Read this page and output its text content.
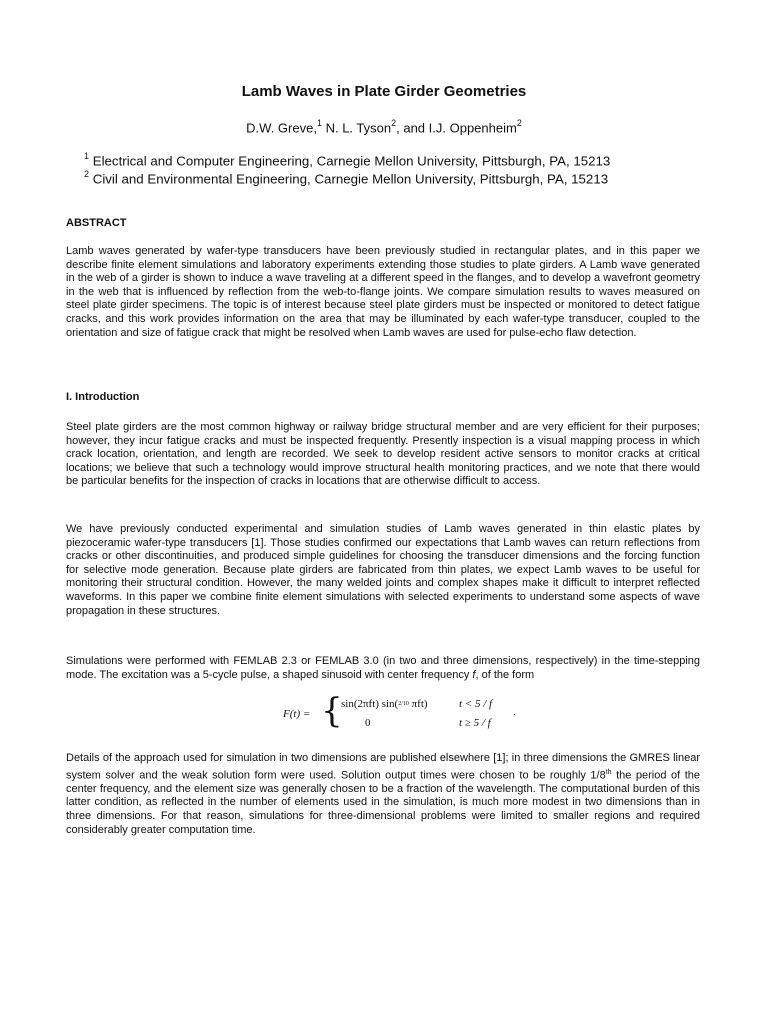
Lamb Waves in Plate Girder Geometries
D.W. Greve,$^1$ N. L. Tyson$^2$, and I.J. Oppenheim$^2$
$^1$ Electrical and Computer Engineering, Carnegie Mellon University, Pittsburgh, PA, 15213
$^2$ Civil and Environmental Engineering, Carnegie Mellon University, Pittsburgh, PA, 15213
ABSTRACT

Lamb waves generated by wafer-type transducers have been previously studied in rectangular plates, and in this paper we describe finite element simulations and laboratory experiments extending those studies to plate girders. A Lamb wave generated in the web of a girder is shown to induce a wave traveling at a different speed in the flanges, and to develop a wavefront geometry in the web that is influenced by reflection from the web-to-flange joints. We compare simulation results to waves measured on steel plate girder specimens. The topic is of interest because steel plate girders must be inspected or monitored to detect fatigue cracks, and this work provides information on the area that may be illuminated by each wafer-type transducer, coupled to the orientation and size of fatigue crack that might be resolved when Lamb waves are used for pulse-echo flaw detection.

I. Introduction

Steel plate girders are the most common highway or railway bridge structural member and are very efficient for their purposes; however, they incur fatigue cracks and must be inspected frequently. Presently inspection is a visual mapping process in which crack location, orientation, and length are recorded. We seek to develop resident active sensors to monitor cracks at critical locations; we believe that such a technology would improve structural health monitoring practices, and we note that there would be particular benefits for the inspection of cracks in locations that are otherwise difficult to access.

We have previously conducted experimental and simulation studies of Lamb waves generated in thin elastic plates by piezoceramic wafer-type transducers [1]. Those studies confirmed our expectations that Lamb waves can return reflections from cracks or other discontinuities, and produced simple guidelines for choosing the transducer dimensions and the forcing function for selective mode generation. Because plate girders are fabricated from thin plates, we expect Lamb waves to be useful for monitoring their structural condition. However, the many welded joints and complex shapes make it difficult to interpret reflected waveforms. In this paper we combine finite element simulations with selected experiments to understand some aspects of wave propagation in these structures.

Simulations were performed with FEMLAB 2.3 or FEMLAB 3.0 (in two and three dimensions, respectively) in the time-stepping mode. The excitation was a 5-cycle pulse, a shaped sinusoid with center frequency f, of the form

F(t) = {
sin(2πft) sin(2/10 πft)
0
t < 5 / f
t ≥ 5 / f
.

Details of the approach used for simulation in two dimensions are published elsewhere [1]; in three dimensions the GMRES linear system solver and the weak solution form were used. Solution output times were chosen to be roughly 1/8th the period of the center frequency, and the element size was generally chosen to be a fraction of the wavelength. The computational burden of this latter condition, as reflected in the number of elements used in the simulation, is much more modest in two dimensions than in three dimensions. For that reason, simulations for three-dimensional problems were limited to smaller regions and required considerably greater computation time.
